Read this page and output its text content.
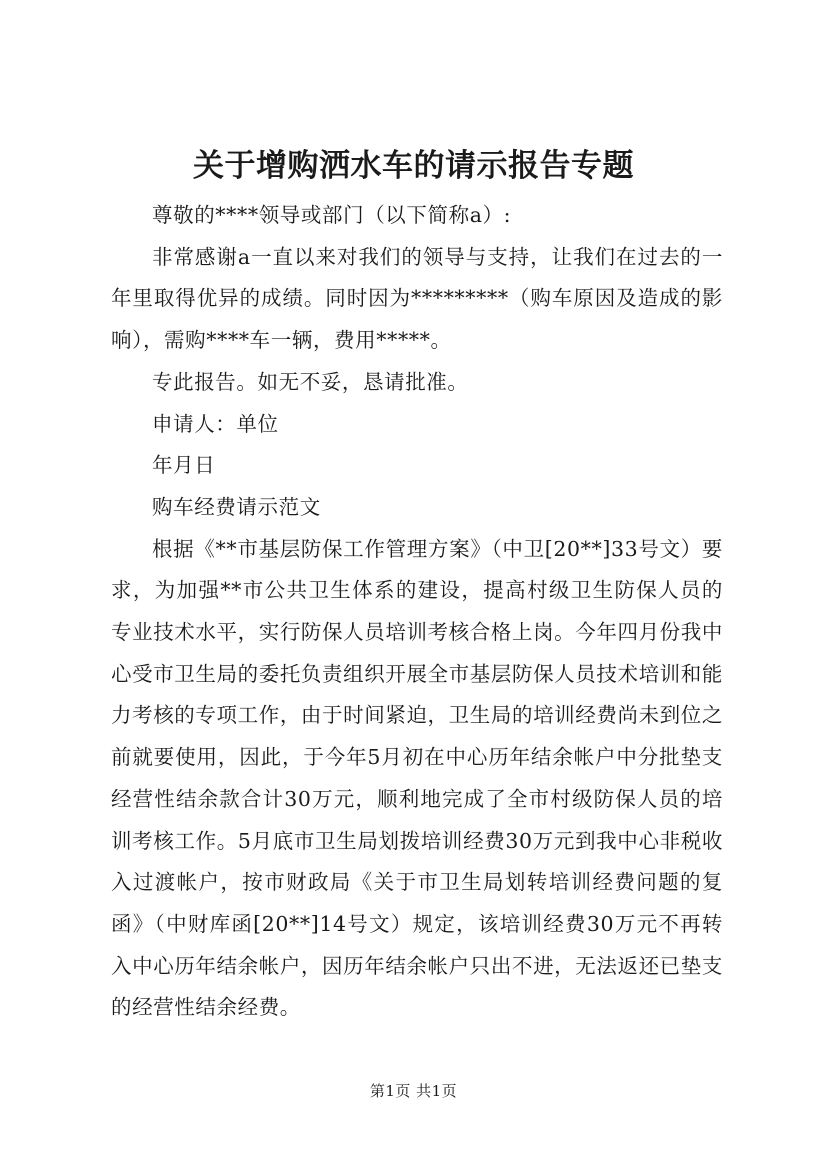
关于增购洒水车的请示报告专题

尊敬的****领导或部门（以下简称a）:

非常感谢a一直以来对我们的领导与支持，让我们在过去的一年里取得优异的成绩。同时因为*********（购车原因及造成的影响），需购****车一辆，费用*****。

专此报告。如无不妥，恳请批准。

申请人：单位

年月日

购车经费请示范文

根据《**市基层防保工作管理方案》（中卫[20**]33号文）要求，为加强**市公共卫生体系的建设，提高村级卫生防保人员的专业技术水平，实行防保人员培训考核合格上岗。今年四月份我中心受市卫生局的委托负责组织开展全市基层防保人员技术培训和能力考核的专项工作，由于时间紧迫，卫生局的培训经费尚未到位之前就要使用，因此，于今年5月初在中心历年结余帐户中分批垫支经营性结余款合计30万元，顺利地完成了全市村级防保人员的培训考核工作。5月底市卫生局划拨培训经费30万元到我中心非税收入过渡帐户，按市财政局《关于市卫生局划转培训经费问题的复函》（中财库函[20**]14号文）规定，该培训经费30万元不再转入中心历年结余帐户，因历年结余帐户只出不进，无法返还已垫支的经营性结余经费。

第1页 共1页
